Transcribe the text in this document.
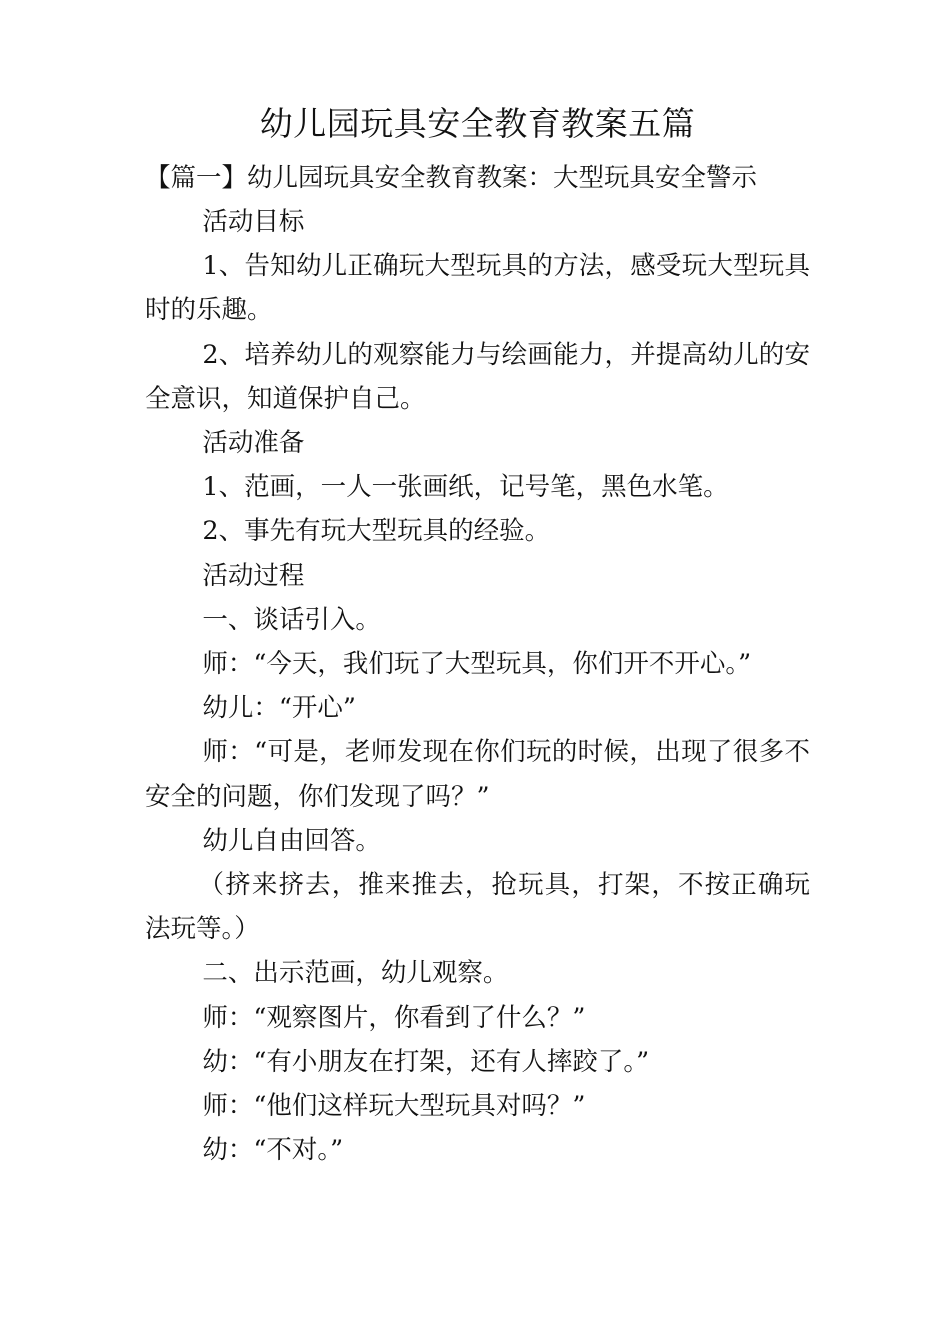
幼儿园玩具安全教育教案五篇

【篇一】幼儿园玩具安全教育教案：大型玩具安全警示

活动目标

1、告知幼儿正确玩大型玩具的方法，感受玩大型玩具时的乐趣。

2、培养幼儿的观察能力与绘画能力，并提高幼儿的安全意识，知道保护自己。

活动准备

1、范画，一人一张画纸，记号笔，黑色水笔。

2、事先有玩大型玩具的经验。

活动过程

一、谈话引入。

师：“今天，我们玩了大型玩具，你们开不开心。”

幼儿：“开心”

师：“可是，老师发现在你们玩的时候，出现了很多不安全的问题，你们发现了吗？”

幼儿自由回答。

（挤来挤去，推来推去，抢玩具，打架，不按正确玩法玩等。）

二、出示范画，幼儿观察。

师：“观察图片，你看到了什么？”

幼：“有小朋友在打架，还有人摔跤了。”

师：“他们这样玩大型玩具对吗？”

幼：“不对。”
